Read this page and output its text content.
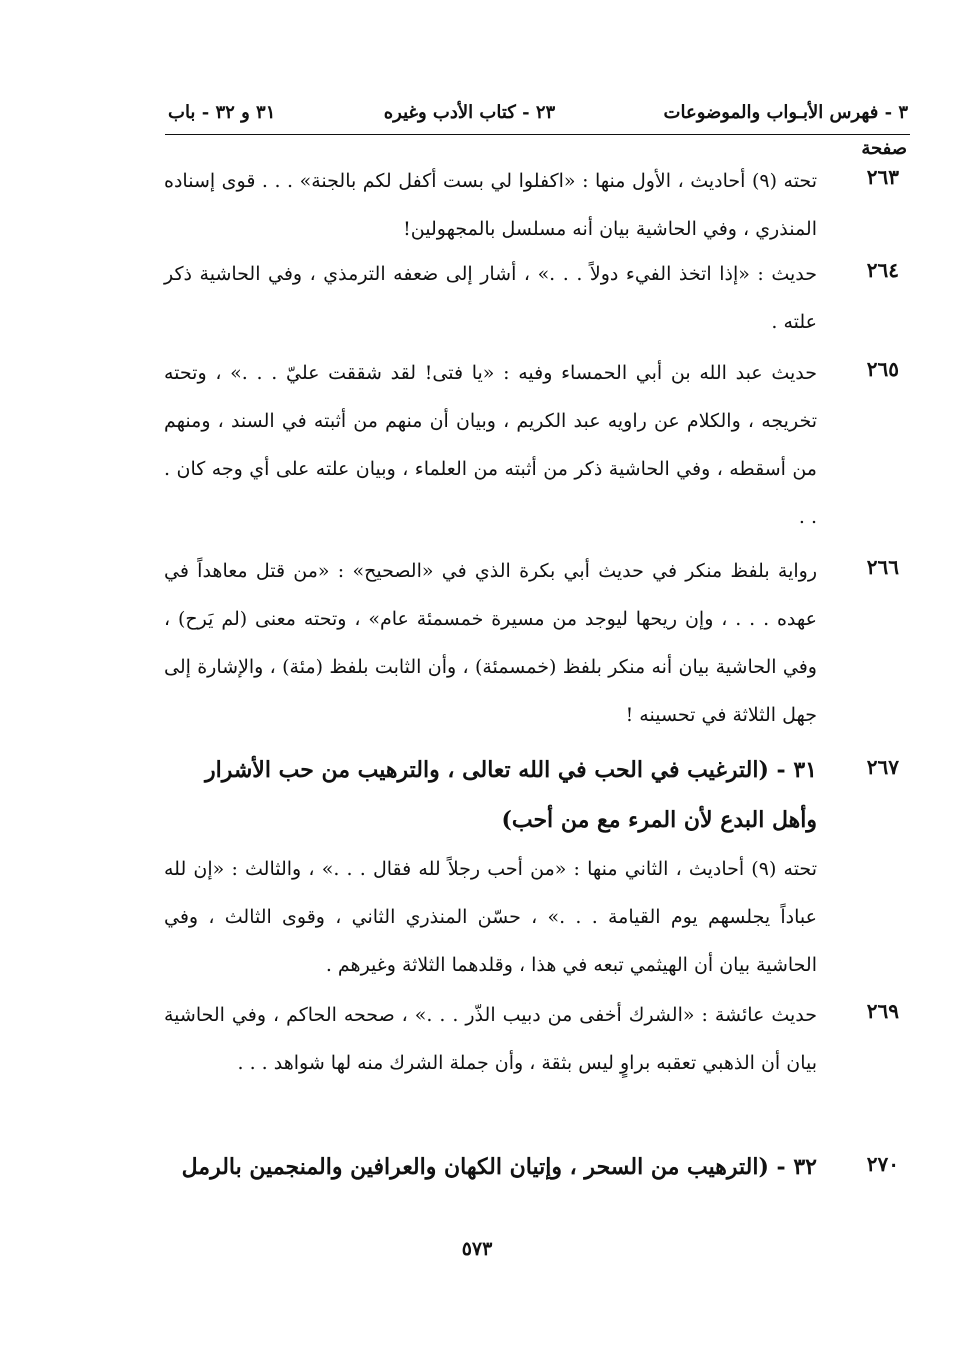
٣ - فهرس الأبـواب والموضوعات
٢٣ - كتاب الأدب وغيره
٣١ و ٣٢ - باب
صفحة
٢٦٣
تحته (٩) أحاديث ، الأول منها : «اكفلوا لي بست أكفل لكم بالجنة» . . . قوى إسناده المنذري ، وفي الحاشية بيان أنه مسلسل بالمجهولين!
٢٦٤
حديث : «إذا اتخذ الفيء دولاً . . .» ، أشار إلى ضعفه الترمذي ، وفي الحاشية ذكر علته .
٢٦٥
حديث عبد الله بن أبي الحمساء وفيه : «يا فتى! لقد شققت عليّ . . .» ، وتحته تخريجه ، والكلام عن راويه عبد الكريم ، وبيان أن منهم من أثبته في السند ، ومنهم من أسقطه ، وفي الحاشية ذكر من أثبته من العلماء ، وبيان علته على أي وجه كان . . .
٢٦٦
رواية بلفظ منكر في حديث أبي بكرة الذي في «الصحيح» : «من قتل معاهداً في عهده . . . ، وإن ريحها ليوجد من مسيرة خمسمئة عام» ، وتحته معنى (لم يَرح) ، وفي الحاشية بيان أنه منكر بلفظ (خمسمئة) ، وأن الثابت بلفظ (مئة) ، والإشارة إلى جهل الثلاثة في تحسينه !
٢٦٧
٣١ - (الترغيب في الحب في الله تعالى ، والترهيب من حب الأشرار وأهل البدع لأن المرء مع من أحب)
تحته (٩) أحاديث ، الثاني منها : «من أحب رجلاً لله فقال . . .» ، والثالث : «إن لله عباداً يجلسهم يوم القيامة . . .» ، حسّن المنذري الثاني ، وقوى الثالث ، وفي الحاشية بيان أن الهيثمي تبعه في هذا ، وقلدهما الثلاثة وغيرهم .
٢٦٩
حديث عائشة : «الشرك أخفى من دبيب الذّر . . .» ، صححه الحاكم ، وفي الحاشية بيان أن الذهبي تعقبه براوٍ ليس بثقة ، وأن جملة الشرك منه لها شواهد . . .
٢٧٠
٣٢ - (الترهيب من السحر ، وإتيان الكهان والعرافين والمنجمين بالرمل
٥٧٣
